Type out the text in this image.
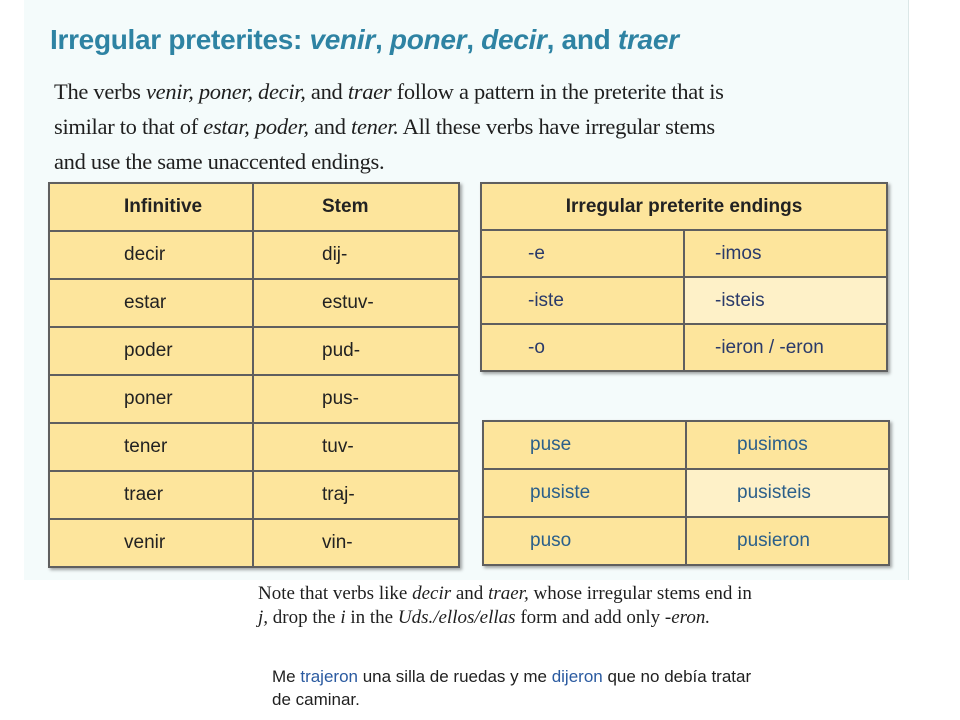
Irregular preterites: venir, poner, decir, and traer

The verbs venir, poner, decir, and traer follow a pattern in the preterite that is similar to that of estar, poder, and tener. All these verbs have irregular stems and use the same unaccented endings.

Infinitive	Stem
decir	dij-
estar	estuv-
poder	pud-
poner	pus-
tener	tuv-
traer	traj-
venir	vin-
Irregular preterite endings	
-e	-imos
-iste	-isteis
-o	-ieron / -eron
puse	pusimos
pusiste	pusisteis
puso	pusieron

Note that verbs like decir and traer, whose irregular stems end in j, drop the i in the Uds./ellos/ellas form and add only -eron.

Me trajeron una silla de ruedas y me dijeron que no debía tratar de caminar.
